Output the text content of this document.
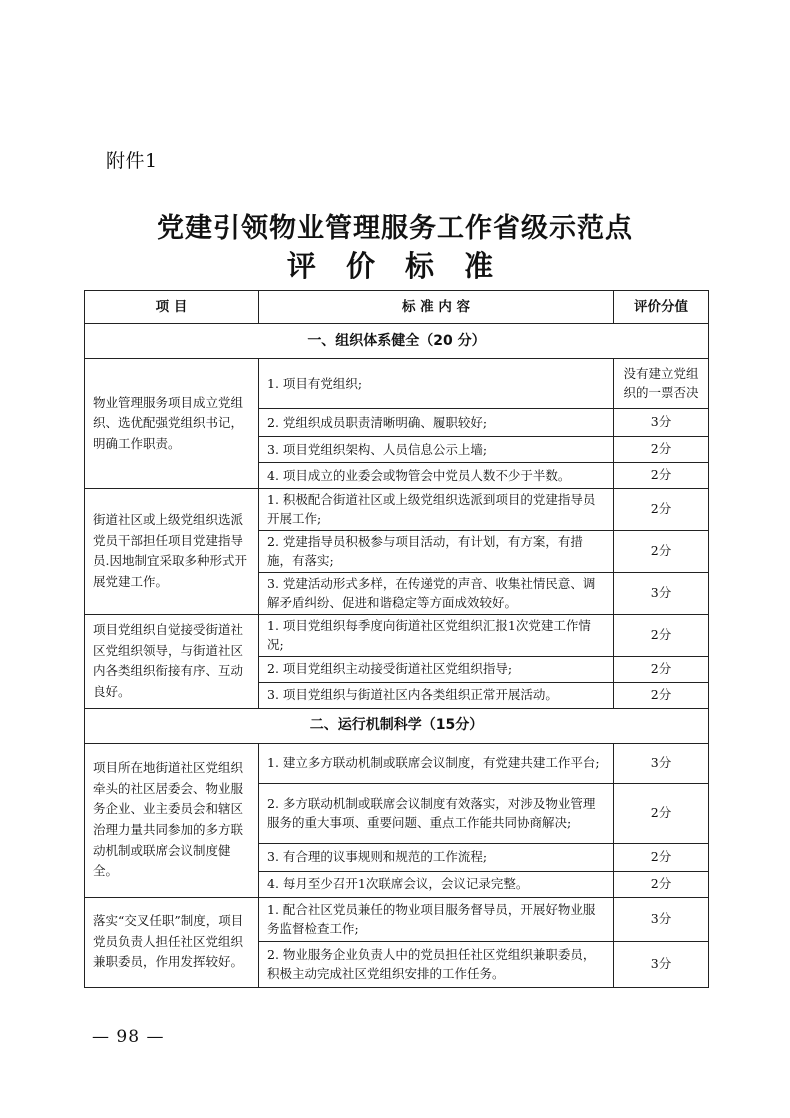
附件1
党建引领物业管理服务工作省级示范点
评 价 标 准
项 目	标 准 内 容	评价分值
一、组织体系健全（20 分）		
物业管理服务项目成立党组织、选优配强党组织书记，明确工作职责。	1. 项目有党组织;	没有建立党组织的一票否决
	2. 党组织成员职责清晰明确、履职较好;	3分
	3. 项目党组织架构、人员信息公示上墙;	2分
	4. 项目成立的业委会或物管会中党员人数不少于半数。	2分
街道社区或上级党组织选派党员干部担任项目党建指导员.因地制宜采取多种形式开展党建工作。	1. 积极配合街道社区或上级党组织选派到项目的党建指导员开展工作;	2分
	2. 党建指导员积极参与项目活动，有计划，有方案，有措施，有落实;	2分
	3. 党建活动形式多样，在传递党的声音、收集社情民意、调解矛盾纠纷、促进和谐稳定等方面成效较好。	3分
项目党组织自觉接受街道社区党组织领导，与街道社区内各类组织衔接有序、互动良好。	1. 项目党组织每季度向街道社区党组织汇报1次党建工作情况;	2分
	2. 项目党组织主动接受街道社区党组织指导;	2分
	3. 项目党组织与街道社区内各类组织正常开展活动。	2分
二、运行机制科学（15分）		
项目所在地街道社区党组织牵头的社区居委会、物业服务企业、业主委员会和辖区治理力量共同参加的多方联动机制或联席会议制度健全。	1. 建立多方联动机制或联席会议制度，有党建共建工作平台;	3分
	2. 多方联动机制或联席会议制度有效落实，对涉及物业管理服务的重大事项、重要问题、重点工作能共同协商解决;	2分
	3. 有合理的议事规则和规范的工作流程;	2分
	4. 每月至少召开1次联席会议，会议记录完整。	2分
落实“交叉任职”制度，项目党员负责人担任社区党组织兼职委员，作用发挥较好。	1. 配合社区党员兼任的物业项目服务督导员，开展好物业服务监督检查工作;	3分
	2. 物业服务企业负责人中的党员担任社区党组织兼职委员，积极主动完成社区党组织安排的工作任务。	3分
— 98 —
